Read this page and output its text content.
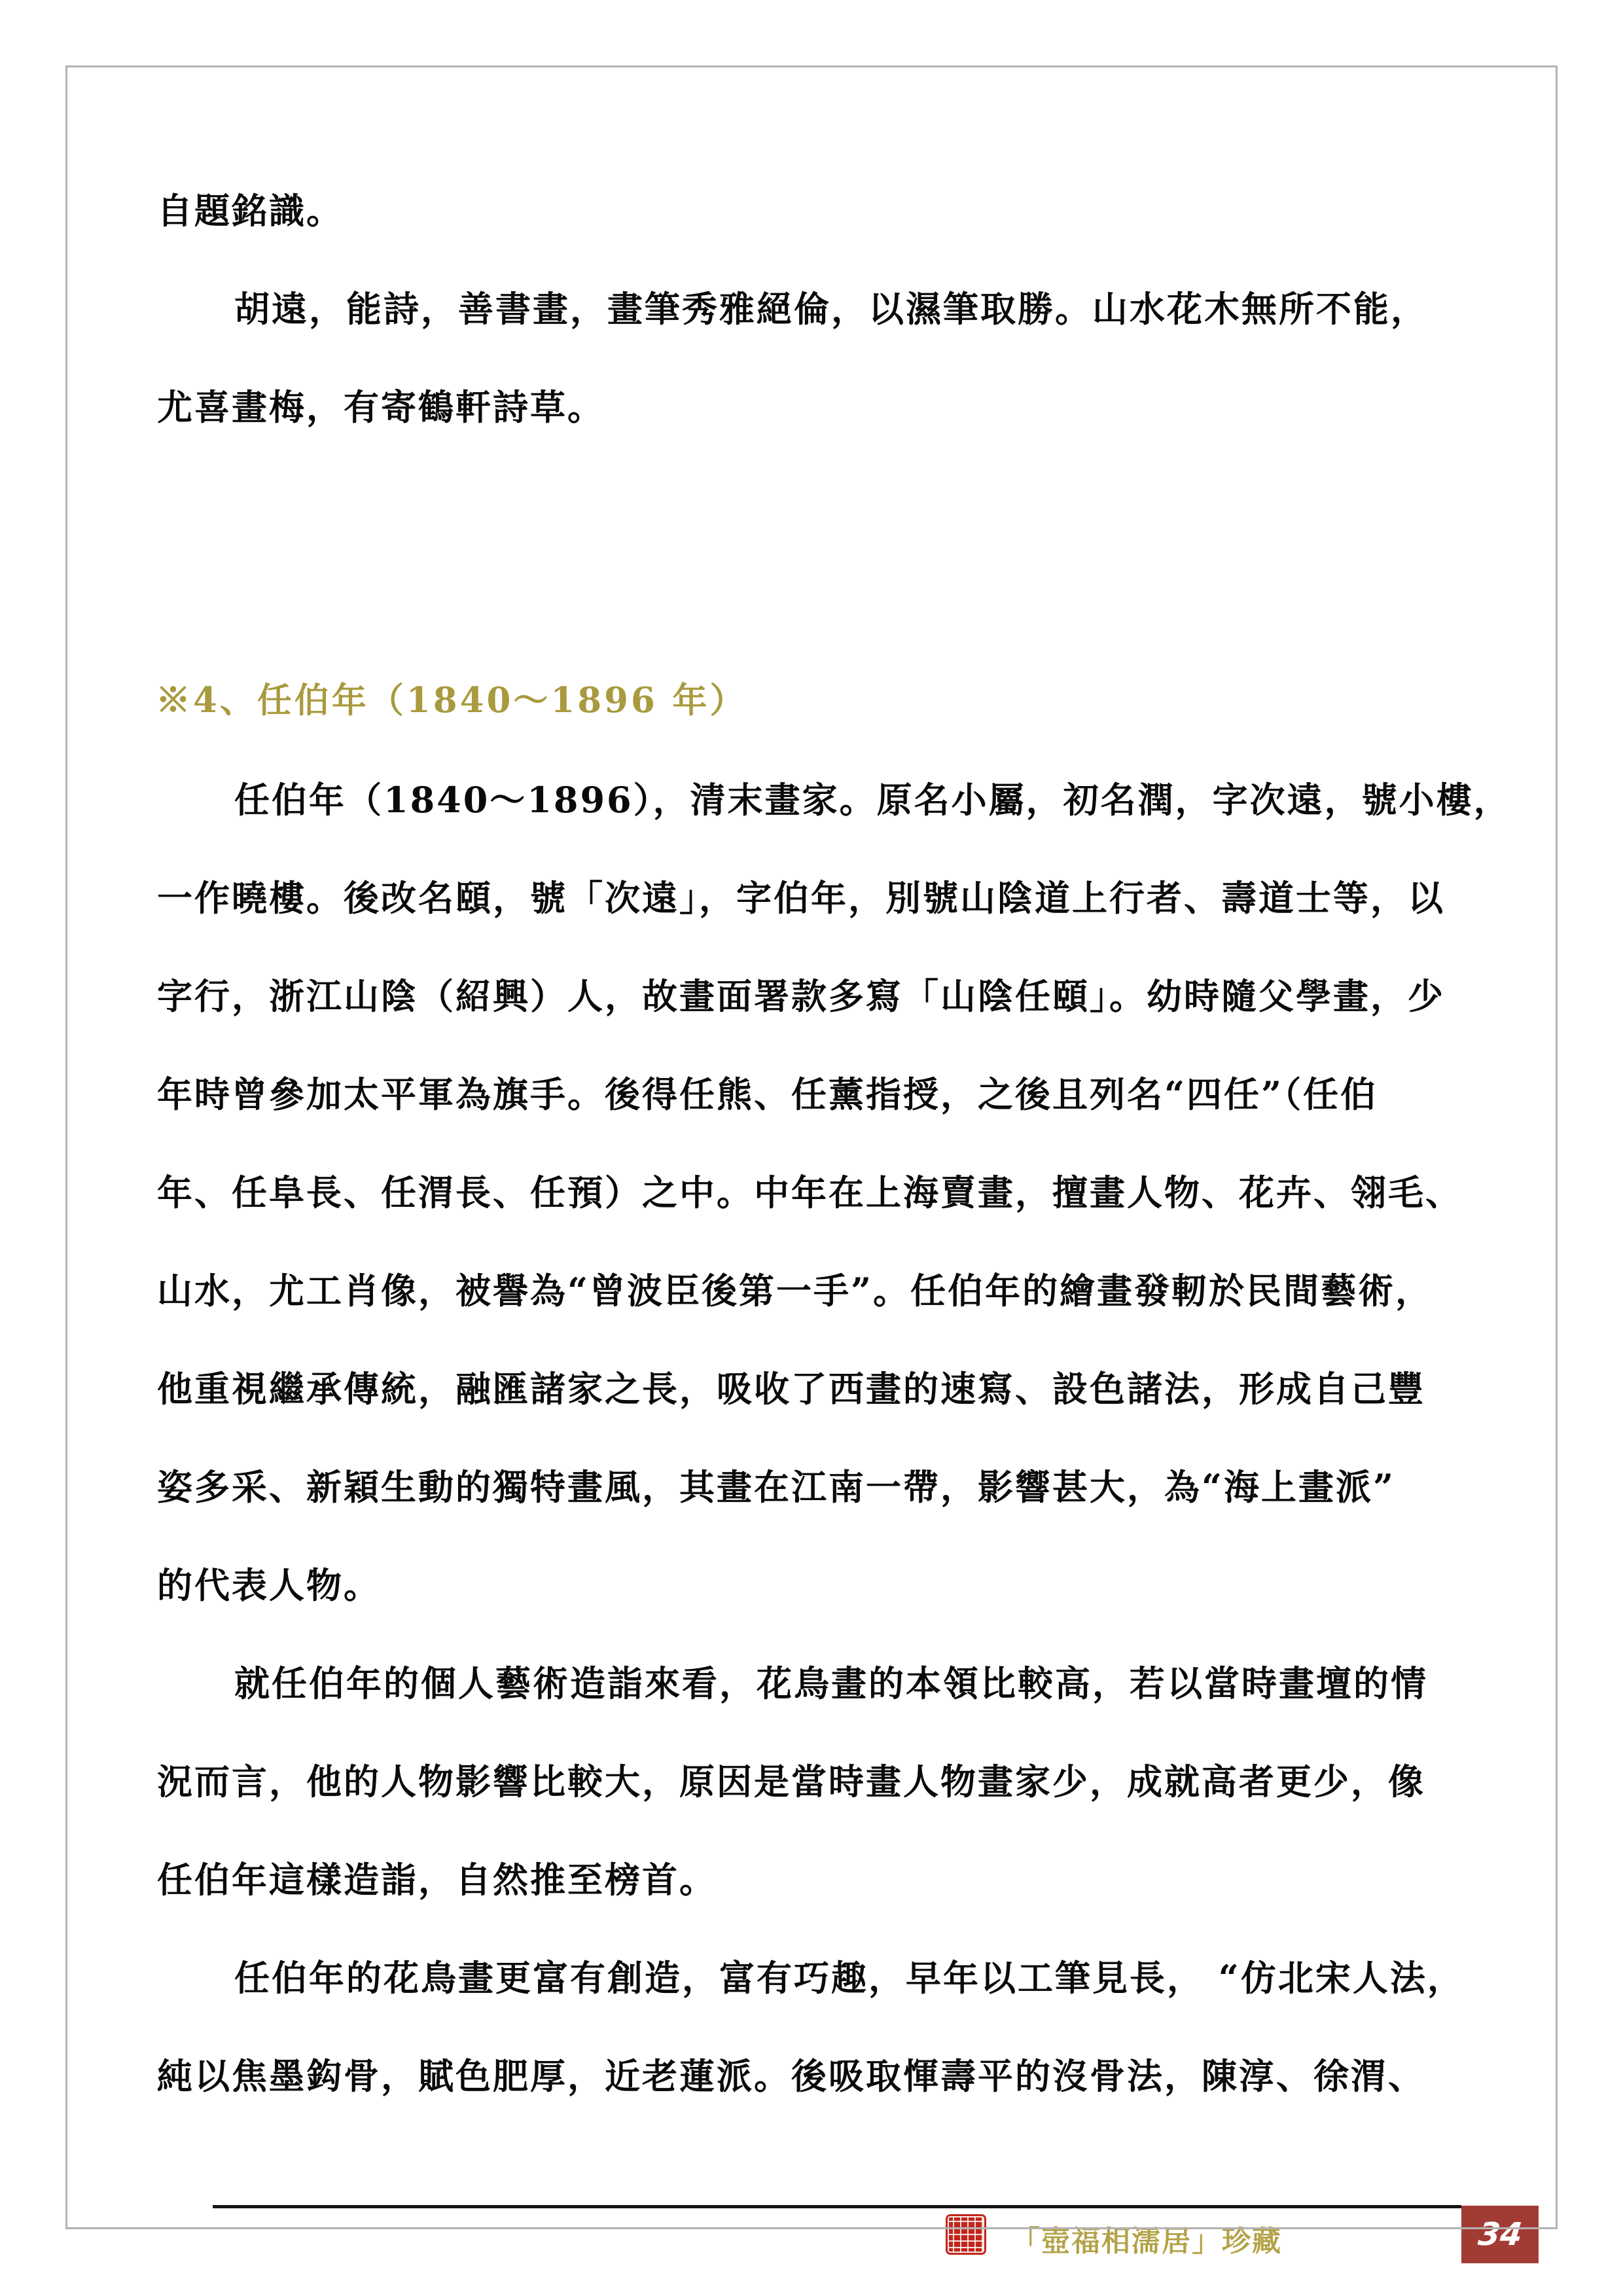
自題銘識。
胡遠，能詩，善書畫，畫筆秀雅絕倫，以濕筆取勝。山水花木無所不能，
尤喜畫梅，有寄鶴軒詩草。
※4、任伯年（1840～1896 年）
任伯年（1840～1896），清末畫家。原名小屬，初名潤，字次遠，號小樓，
一作曉樓。後改名頤，號「次遠」，字伯年，別號山陰道上行者、壽道士等，以
字行，浙江山陰（紹興）人，故畫面署款多寫「山陰任頤」。幼時隨父學畫，少
年時曾參加太平軍為旗手。後得任熊、任薰指授，之後且列名“四任”（任伯
年、任阜長、任渭長、任預）之中。中年在上海賣畫，擅畫人物、花卉、翎毛、
山水，尤工肖像，被譽為“曾波臣後第一手”。任伯年的繪畫發軔於民間藝術，
他重視繼承傳統，融匯諸家之長，吸收了西畫的速寫、設色諸法，形成自己豐
姿多采、新穎生動的獨特畫風，其畫在江南一帶，影響甚大，為“海上畫派”
的代表人物。
就任伯年的個人藝術造詣來看，花鳥畫的本領比較高，若以當時畫壇的情
況而言，他的人物影響比較大，原因是當時畫人物畫家少，成就高者更少，像
任伯年這樣造詣，自然推至榜首。
任伯年的花鳥畫更富有創造，富有巧趣，早年以工筆見長， “仿北宋人法，
純以焦墨鈎骨，賦色肥厚，近老蓮派。後吸取惲壽平的沒骨法，陳淳、徐渭、
「壺福相濡居」珍藏	34
